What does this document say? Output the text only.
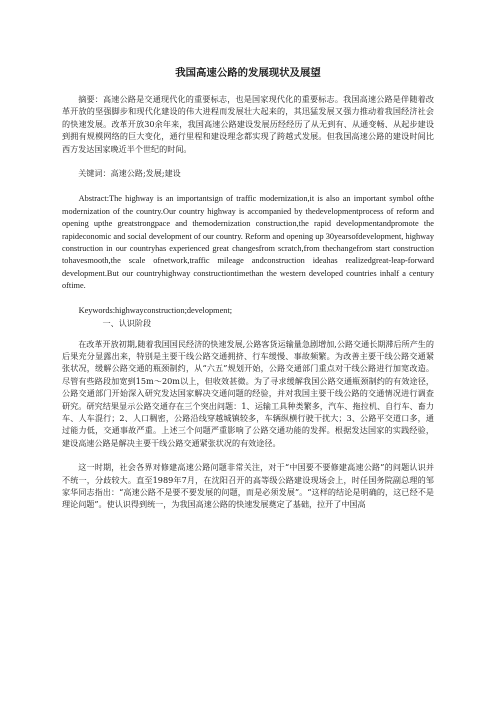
我国高速公路的发展现状及展望

摘要：高速公路是交通现代化的重要标志，也是国家现代化的重要标志。我国高速公路是伴随着改革开放的坚强脚步和现代化建设的伟大进程而发展壮大起来的，其迅猛发展又强力推动着我国经济社会的快速发展。改革开放30余年来，我国高速公路建设发展历经经历了从无到有、从通变畅、从起步建设到拥有规模网络的巨大变化，通行里程和建设理念都实现了跨越式发展。但我国高速公路的建设时间比西方发达国家晚近半个世纪的时间。

关键词：高速公路;发展;建设

Abstract:The highway is an importantsign of traffic modernization,it is also an important symbol ofthe modernization of the country.Our country highway is accompanied by thedevelopmentprocess of reform and opening upthe greatstrongpace and themodernization construction,the rapid developmentandpromote the rapideconomic and social development of our country. Reform and opening up 30yearsofdevelopment, highway construction in our countryhas experienced great changesfrom scratch,from thechangefrom start construction tohavesmooth,the scale ofnetwork,traffic mileage andconstruction ideahas realizedgreat-leap-forward development.But our countryhighway constructiontimethan the western developed countries inhalf a century oftime.

Keywords:highwayconstruction;development;

一、认识阶段

在改革开放初期,随着我国国民经济的快速发展,公路客货运输量急剧增加,公路交通长期滞后所产生的后果充分显露出来，特别是主要干线公路交通拥挤、行车缓慢、事故频繁。为改善主要干线公路交通紧张状况，缓解公路交通的瓶颈制约，从“六五”规划开始，公路交通部门重点对干线公路进行加宽改造。尽管有些路段加宽到15m～20m以上，但收效甚微。为了寻求缓解我国公路交通瓶颈制约的有效途径，公路交通部门开始深入研究发达国家解决交通问题的经验，并对我国主要干线公路的交通情况进行调查研究。研究结果显示公路交通存在三个突出问题：1、运输工具种类繁多，汽车、拖拉机、自行车、畜力车、人车混行；2、人口稠密，公路沿线穿越城镇较多，车辆纵横行驶干扰大；3、公路平交道口多，通过能力低，交通事故严重。上述三个问题严重影响了公路交通功能的发挥。根据发达国家的实践经验，建设高速公路是解决主要干线公路交通紧张状况的有效途径。

这一时期，社会各界对修建高速公路问题非常关注，对于“中国要不要修建高速公路”的问题认识并不统一，分歧较大。直至1989年7月，在沈阳召开的高等级公路建设现场会上，时任国务院副总理的邹家华同志指出：“高速公路不是要不要发展的问题，而是必须发展”。“这样的结论是明确的，这已经不是理论问题”。使认识得到统一，为我国高速公路的快速发展奠定了基础，拉开了中国高
